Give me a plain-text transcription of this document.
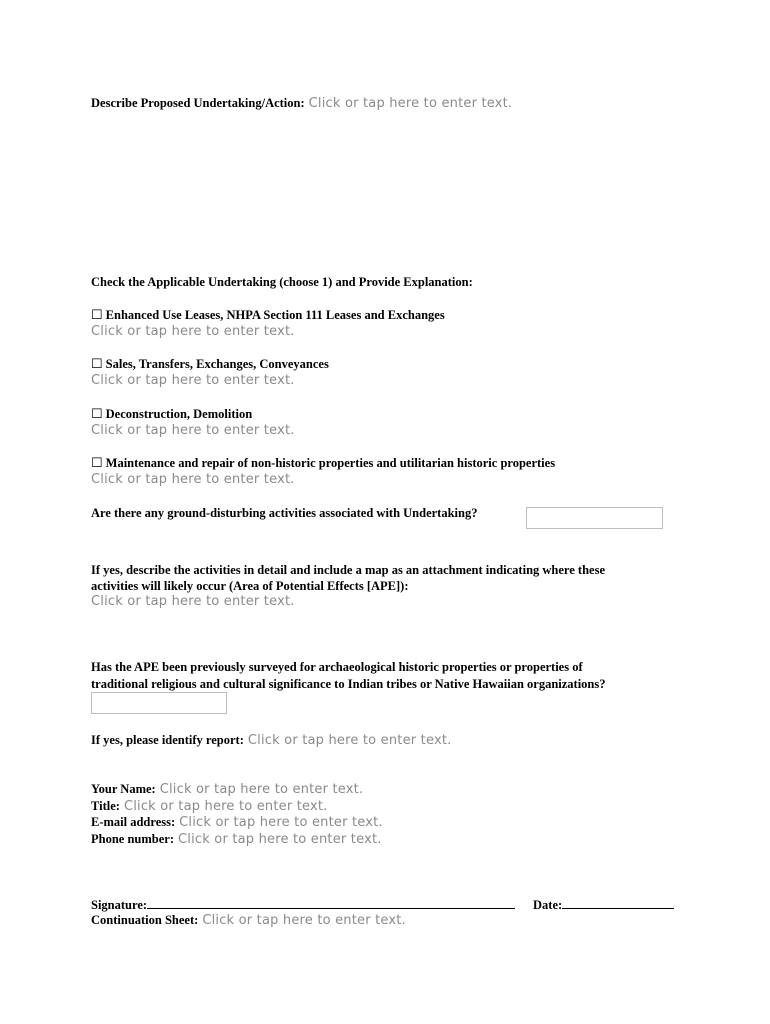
Describe Proposed Undertaking/Action: Click or tap here to enter text.
Check the Applicable Undertaking (choose 1) and Provide Explanation:
☐ Enhanced Use Leases, NHPA Section 111 Leases and Exchanges
Click or tap here to enter text.
☐ Sales, Transfers, Exchanges, Conveyances
Click or tap here to enter text.
☐ Deconstruction, Demolition
Click or tap here to enter text.
☐ Maintenance and repair of non-historic properties and utilitarian historic properties
Click or tap here to enter text.
Are there any ground-disturbing activities associated with Undertaking?
If yes, describe the activities in detail and include a map as an attachment indicating where these
activities will likely occur (Area of Potential Effects [APE]):
Click or tap here to enter text.
Has the APE been previously surveyed for archaeological historic properties or properties of
traditional religious and cultural significance to Indian tribes or Native Hawaiian organizations?
If yes, please identify report: Click or tap here to enter text.
Your Name: Click or tap here to enter text.
Title: Click or tap here to enter text.
E-mail address: Click or tap here to enter text.
Phone number: Click or tap here to enter text.
Signature:	Date:
Continuation Sheet: Click or tap here to enter text.
